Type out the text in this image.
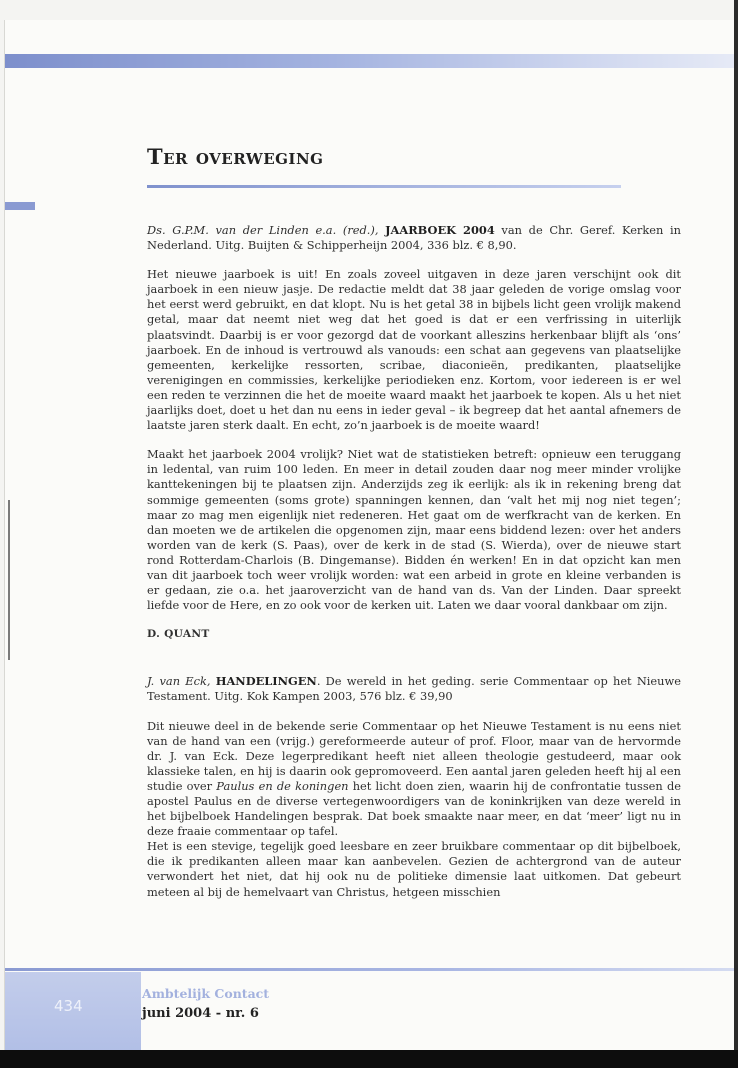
Ter overweging

Ds. G.P.M. van der Linden e.a. (red.), JAARBOEK 2004 van de Chr. Geref. Kerken in Nederland. Uitg. Buijten & Schipperheijn 2004, 336 blz. € 8,90.

Het nieuwe jaarboek is uit! En zoals zoveel uitgaven in deze jaren verschijnt ook dit jaarboek in een nieuw jasje. De redactie meldt dat 38 jaar geleden de vorige omslag voor het eerst werd gebruikt, en dat klopt. Nu is het getal 38 in bijbels licht geen vrolijk makend getal, maar dat neemt niet weg dat het goed is dat er een verfrissing in uiterlijk plaatsvindt. Daarbij is er voor gezorgd dat de voorkant alleszins herkenbaar blijft als ‘ons’ jaarboek. En de inhoud is vertrouwd als vanouds: een schat aan gegevens van plaatselijke gemeenten, kerkelijke ressorten, scribae, diaconieën, predikanten, plaatselijke verenigingen en commissies, kerkelijke periodieken enz. Kortom, voor iedereen is er wel een reden te verzinnen die het de moeite waard maakt het jaarboek te kopen. Als u het niet jaarlijks doet, doet u het dan nu eens in ieder geval – ik begreep dat het aantal afnemers de laatste jaren sterk daalt. En echt, zo’n jaarboek is de moeite waard!

Maakt het jaarboek 2004 vrolijk? Niet wat de statistieken betreft: opnieuw een teruggang in ledental, van ruim 100 leden. En meer in detail zouden daar nog meer minder vrolijke kanttekeningen bij te plaatsen zijn. Anderzijds zeg ik eerlijk: als ik in rekening breng dat sommige gemeenten (soms grote) spanningen kennen, dan ‘valt het mij nog niet tegen’; maar zo mag men eigenlijk niet redeneren. Het gaat om de werfkracht van de kerken. En dan moeten we de artikelen die opgenomen zijn, maar eens biddend lezen: over het anders worden van de kerk (S. Paas), over de kerk in de stad (S. Wierda), over de nieuwe start rond Rotterdam-Charlois (B. Dingemanse). Bidden én werken! En in dat opzicht kan men van dit jaarboek toch weer vrolijk worden: wat een arbeid in grote en kleine verbanden is er gedaan, zie o.a. het jaaroverzicht van de hand van ds. Van der Linden. Daar spreekt liefde voor de Here, en zo ook voor de kerken uit. Laten we daar vooral dankbaar om zijn.

D. QUANT

J. van Eck, HANDELINGEN. De wereld in het geding. serie Commentaar op het Nieuwe Testament. Uitg. Kok Kampen 2003, 576 blz. € 39,90

Dit nieuwe deel in de bekende serie Commentaar op het Nieuwe Testament is nu eens niet van de hand van een (vrijg.) gereformeerde auteur of prof. Floor, maar van de hervormde dr. J. van Eck. Deze legerpredikant heeft niet alleen theologie gestudeerd, maar ook klassieke talen, en hij is daarin ook gepromoveerd. Een aantal jaren geleden heeft hij al een studie over Paulus en de koningen het licht doen zien, waarin hij de confrontatie tussen de apostel Paulus en de diverse vertegenwoordigers van de koninkrijken van deze wereld in het bijbelboek Handelingen besprak. Dat boek smaakte naar meer, en dat ‘meer’ ligt nu in deze fraaie commentaar op tafel.

Het is een stevige, tegelijk goed leesbare en zeer bruikbare commentaar op dit bijbelboek, die ik predikanten alleen maar kan aanbevelen. Gezien de achtergrond van de auteur verwondert het niet, dat hij ook nu de politieke dimensie laat uitkomen. Dat gebeurt meteen al bij de hemelvaart van Christus, hetgeen misschien

434
Ambtelijk Contact
juni 2004 - nr. 6
